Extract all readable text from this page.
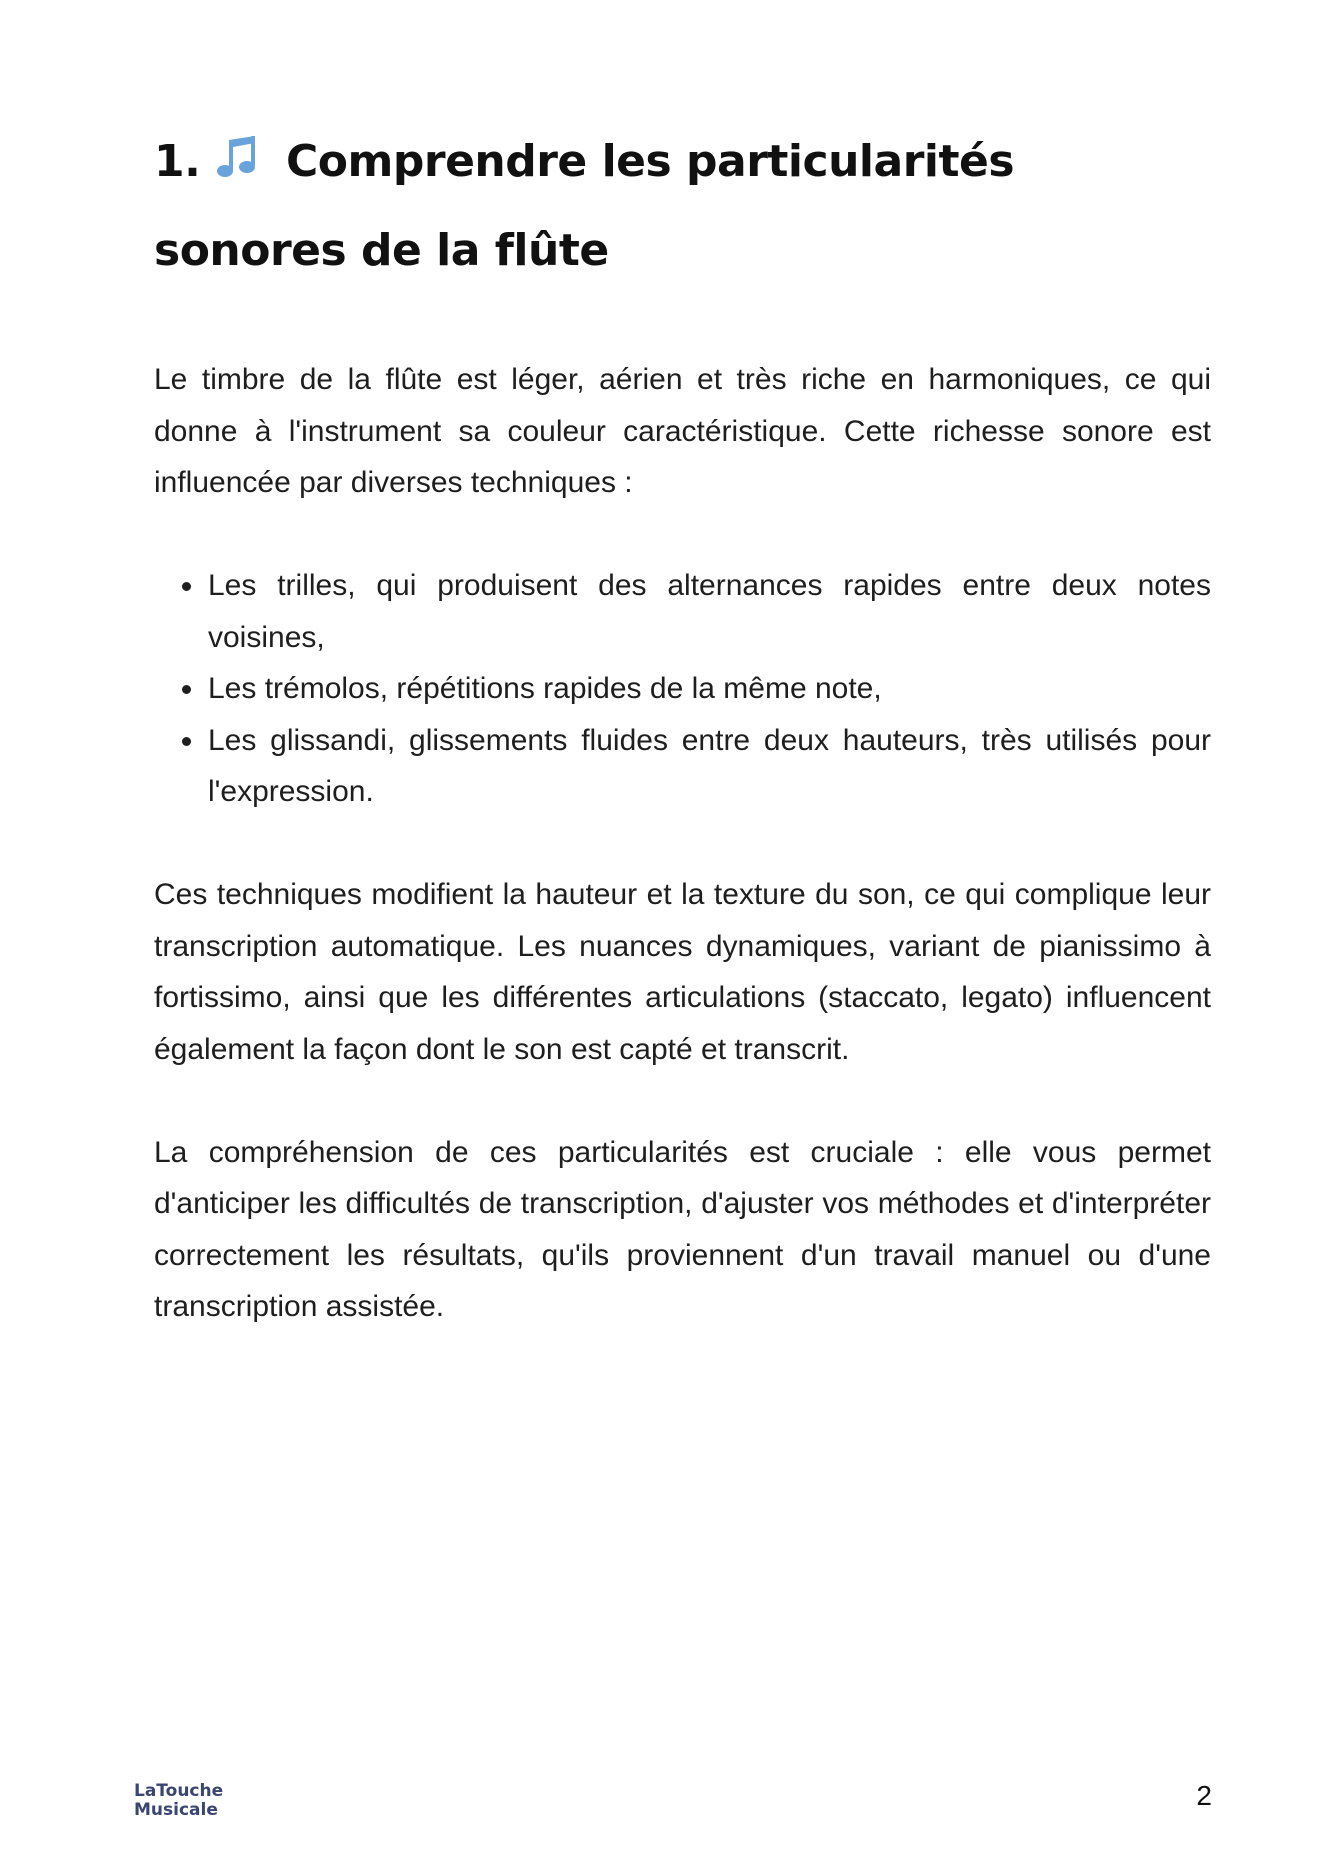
1. Comprendre les particularités
sonores de la flûte

Le timbre de la flûte est léger, aérien et très riche en harmoniques, ce qui donne à l'instrument sa couleur caractéristique. Cette richesse sonore est influencée par diverses techniques :

Les trilles, qui produisent des alternances rapides entre deux notes voisines,
Les trémolos, répétitions rapides de la même note,
Les glissandi, glissements fluides entre deux hauteurs, très utilisés pour l'expression.

Ces techniques modifient la hauteur et la texture du son, ce qui complique leur transcription automatique. Les nuances dynamiques, variant de pianissimo à fortissimo, ainsi que les différentes articulations (staccato, legato) influencent également la façon dont le son est capté et transcrit.

La compréhension de ces particularités est cruciale : elle vous permet d'anticiper les difficultés de transcription, d'ajuster vos méthodes et d'interpréter correctement les résultats, qu'ils proviennent d'un travail manuel ou d'une transcription assistée.

LaTouche
Musicale	2
